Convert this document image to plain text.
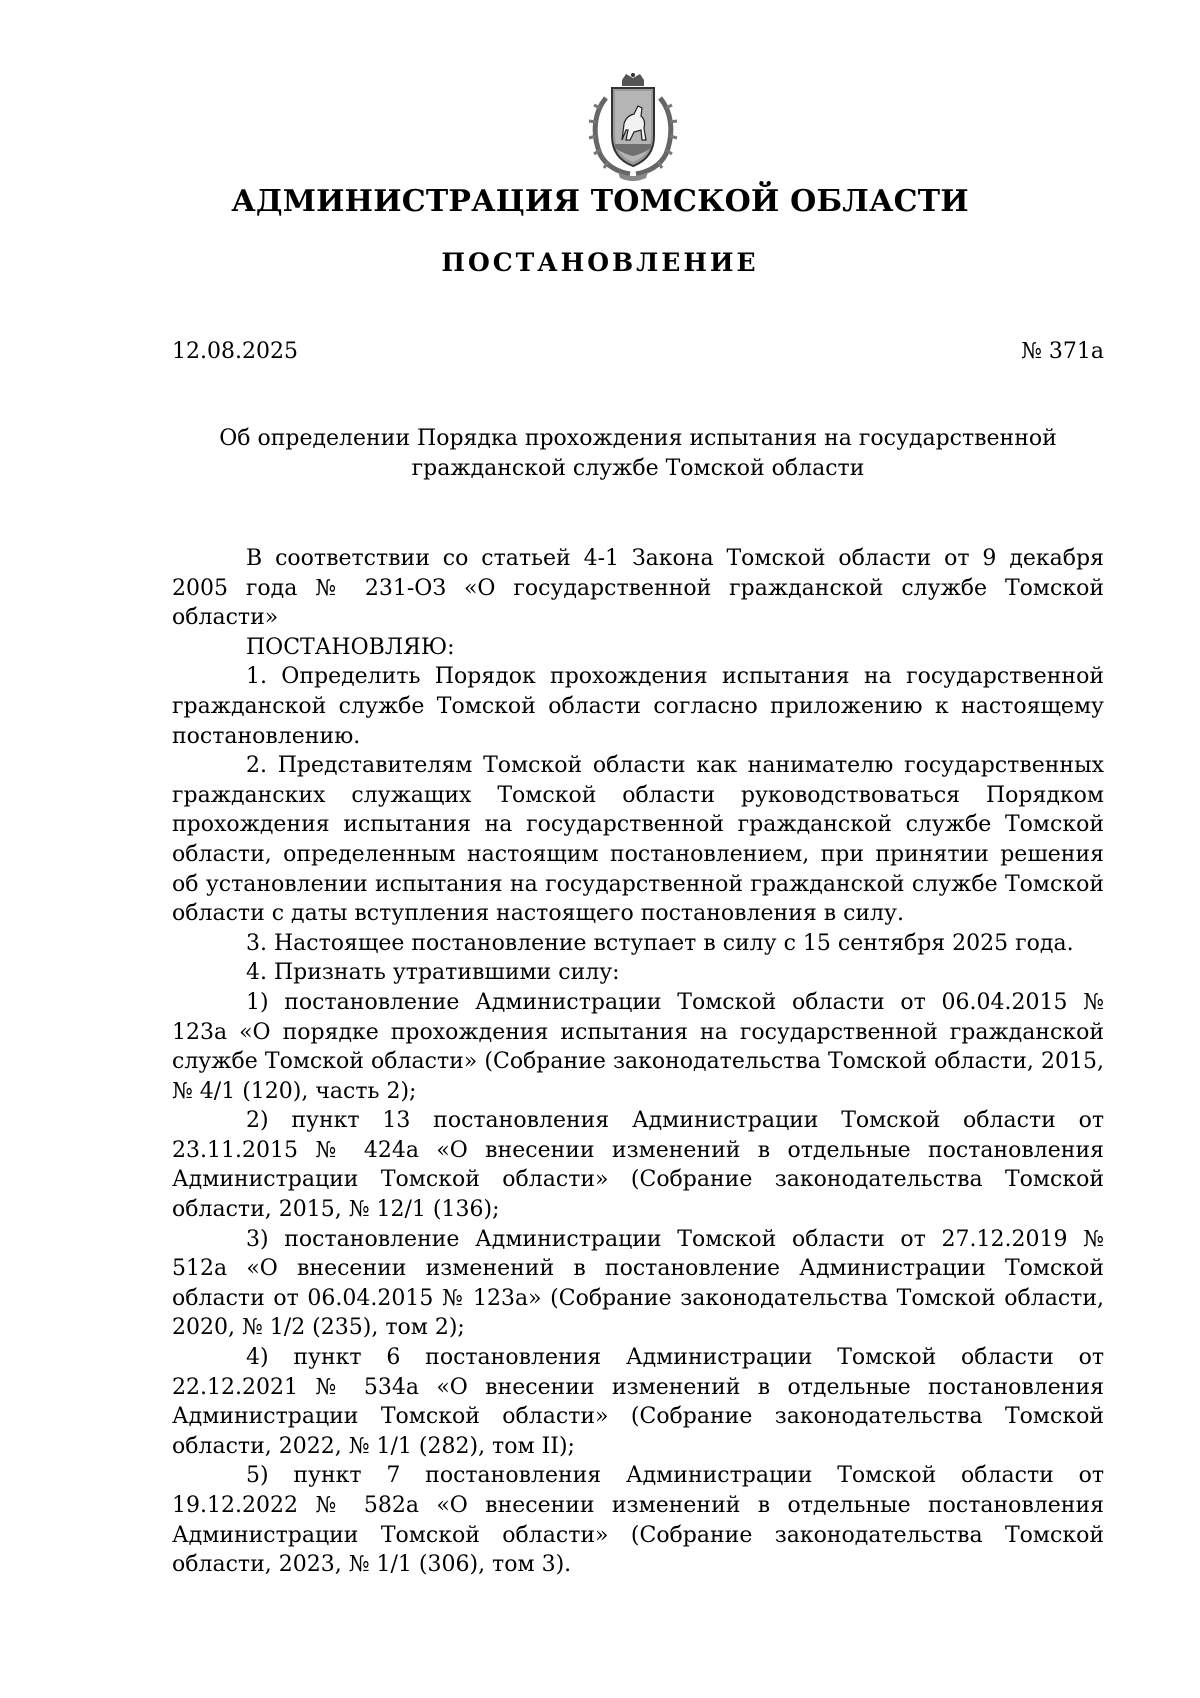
АДМИНИСТРАЦИЯ ТОМСКОЙ ОБЛАСТИ
ПОСТАНОВЛЕНИЕ
12.08.2025	№ 371а
Об определении Порядка прохождения испытания на государственной гражданской службе Томской области

В соответствии со статьей 4-1 Закона Томской области от 9 декабря 2005 года № 231-ОЗ «О государственной гражданской службе Томской области»

ПОСТАНОВЛЯЮ:

1. Определить Порядок прохождения испытания на государственной гражданской службе Томской области согласно приложению к настоящему постановлению.

2. Представителям Томской области как нанимателю государственных гражданских служащих Томской области руководствоваться Порядком прохождения испытания на государственной гражданской службе Томской области, определенным настоящим постановлением, при принятии решения об установлении испытания на государственной гражданской службе Томской области с даты вступления настоящего постановления в силу.

3. Настоящее постановление вступает в силу с 15 сентября 2025 года.

4. Признать утратившими силу:

1) постановление Администрации Томской области от 06.04.2015 № 123а «О порядке прохождения испытания на государственной гражданской службе Томской области» (Собрание законодательства Томской области, 2015, № 4/1 (120), часть 2);

2) пункт 13 постановления Администрации Томской области от 23.11.2015 № 424а «О внесении изменений в отдельные постановления Администрации Томской области» (Собрание законодательства Томской области, 2015, № 12/1 (136);

3) постановление Администрации Томской области от 27.12.2019 № 512а «О внесении изменений в постановление Администрации Томской области от 06.04.2015 № 123а» (Собрание законодательства Томской области, 2020, № 1/2 (235), том 2);

4) пункт 6 постановления Администрации Томской области от 22.12.2021 № 534а «О внесении изменений в отдельные постановления Администрации Томской области» (Собрание законодательства Томской области, 2022, № 1/1 (282), том II);

5) пункт 7 постановления Администрации Томской области от 19.12.2022 № 582а «О внесении изменений в отдельные постановления Администрации Томской области» (Собрание законодательства Томской области, 2023, № 1/1 (306), том 3).
